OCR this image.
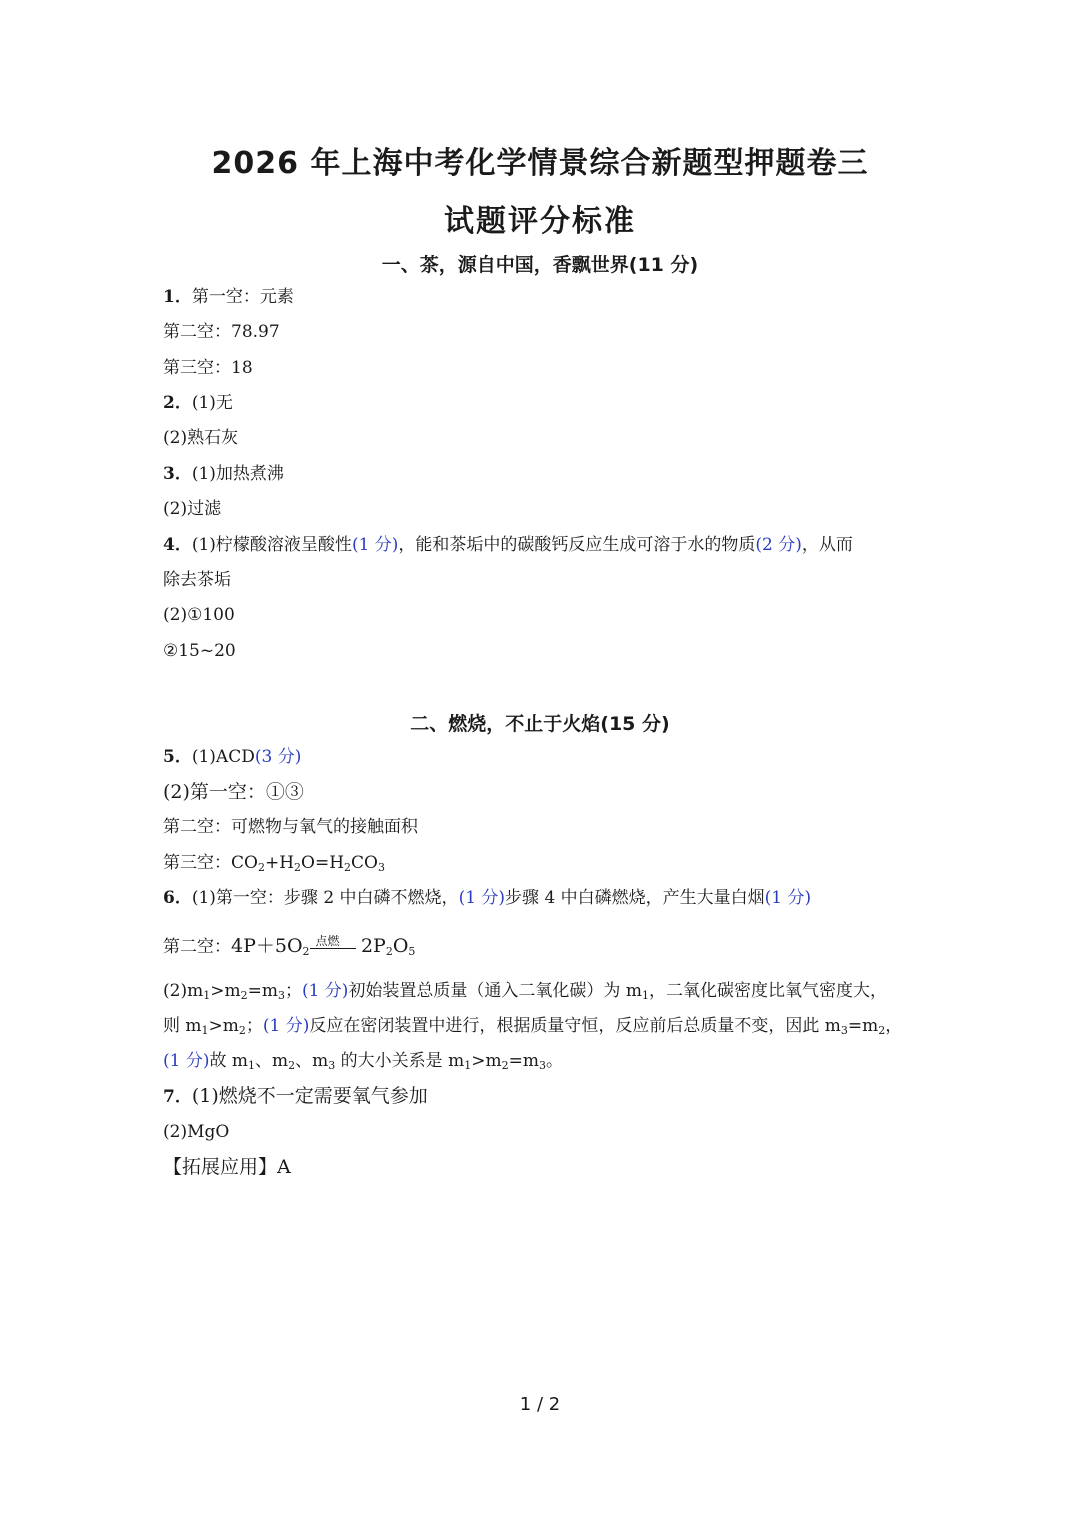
2026 年上海中考化学情景综合新题型押题卷三
试题评分标准
一、茶，源自中国，香飘世界(11 分)
1．第一空：元素
第二空：78.97
第三空：18
2．(1)无
(2)熟石灰
3．(1)加热煮沸
(2)过滤
4．(1)柠檬酸溶液呈酸性(1 分)，能和茶垢中的碳酸钙反应生成可溶于水的物质(2 分)，从而
除去茶垢
(2)①100
②15~20
二、燃烧，不止于火焰(15 分)
5．(1)ACD(3 分)
(2)第一空：①③
第二空：可燃物与氧气的接触面积
第三空：$CO_2+H_2O=H_2CO_3$
6．(1)第一空：步骤 2 中白磷不燃烧，(1 分)步骤 4 中白磷燃烧，产生大量白烟(1 分)
第二空：$4P+5O_2$
点燃 $2P_2O_5$
$(2)m_1>m_2=m_3$；(1 分)初始装置总质量（通入二氧化碳）为 $m_1$，二氧化碳密度比氧气密度大，
则 $m_1>m_2$；(1 分)反应在密闭装置中进行，根据质量守恒，反应前后总质量不变，因此 $m_3=m_2$，
(1 分)故 $m_1$、$m_2$、$m_3$ 的大小关系是 $m_1>m_2=m_3$。
7．(1)燃烧不一定需要氧气参加
(2)MgO
【拓展应用】A
1 / 2
